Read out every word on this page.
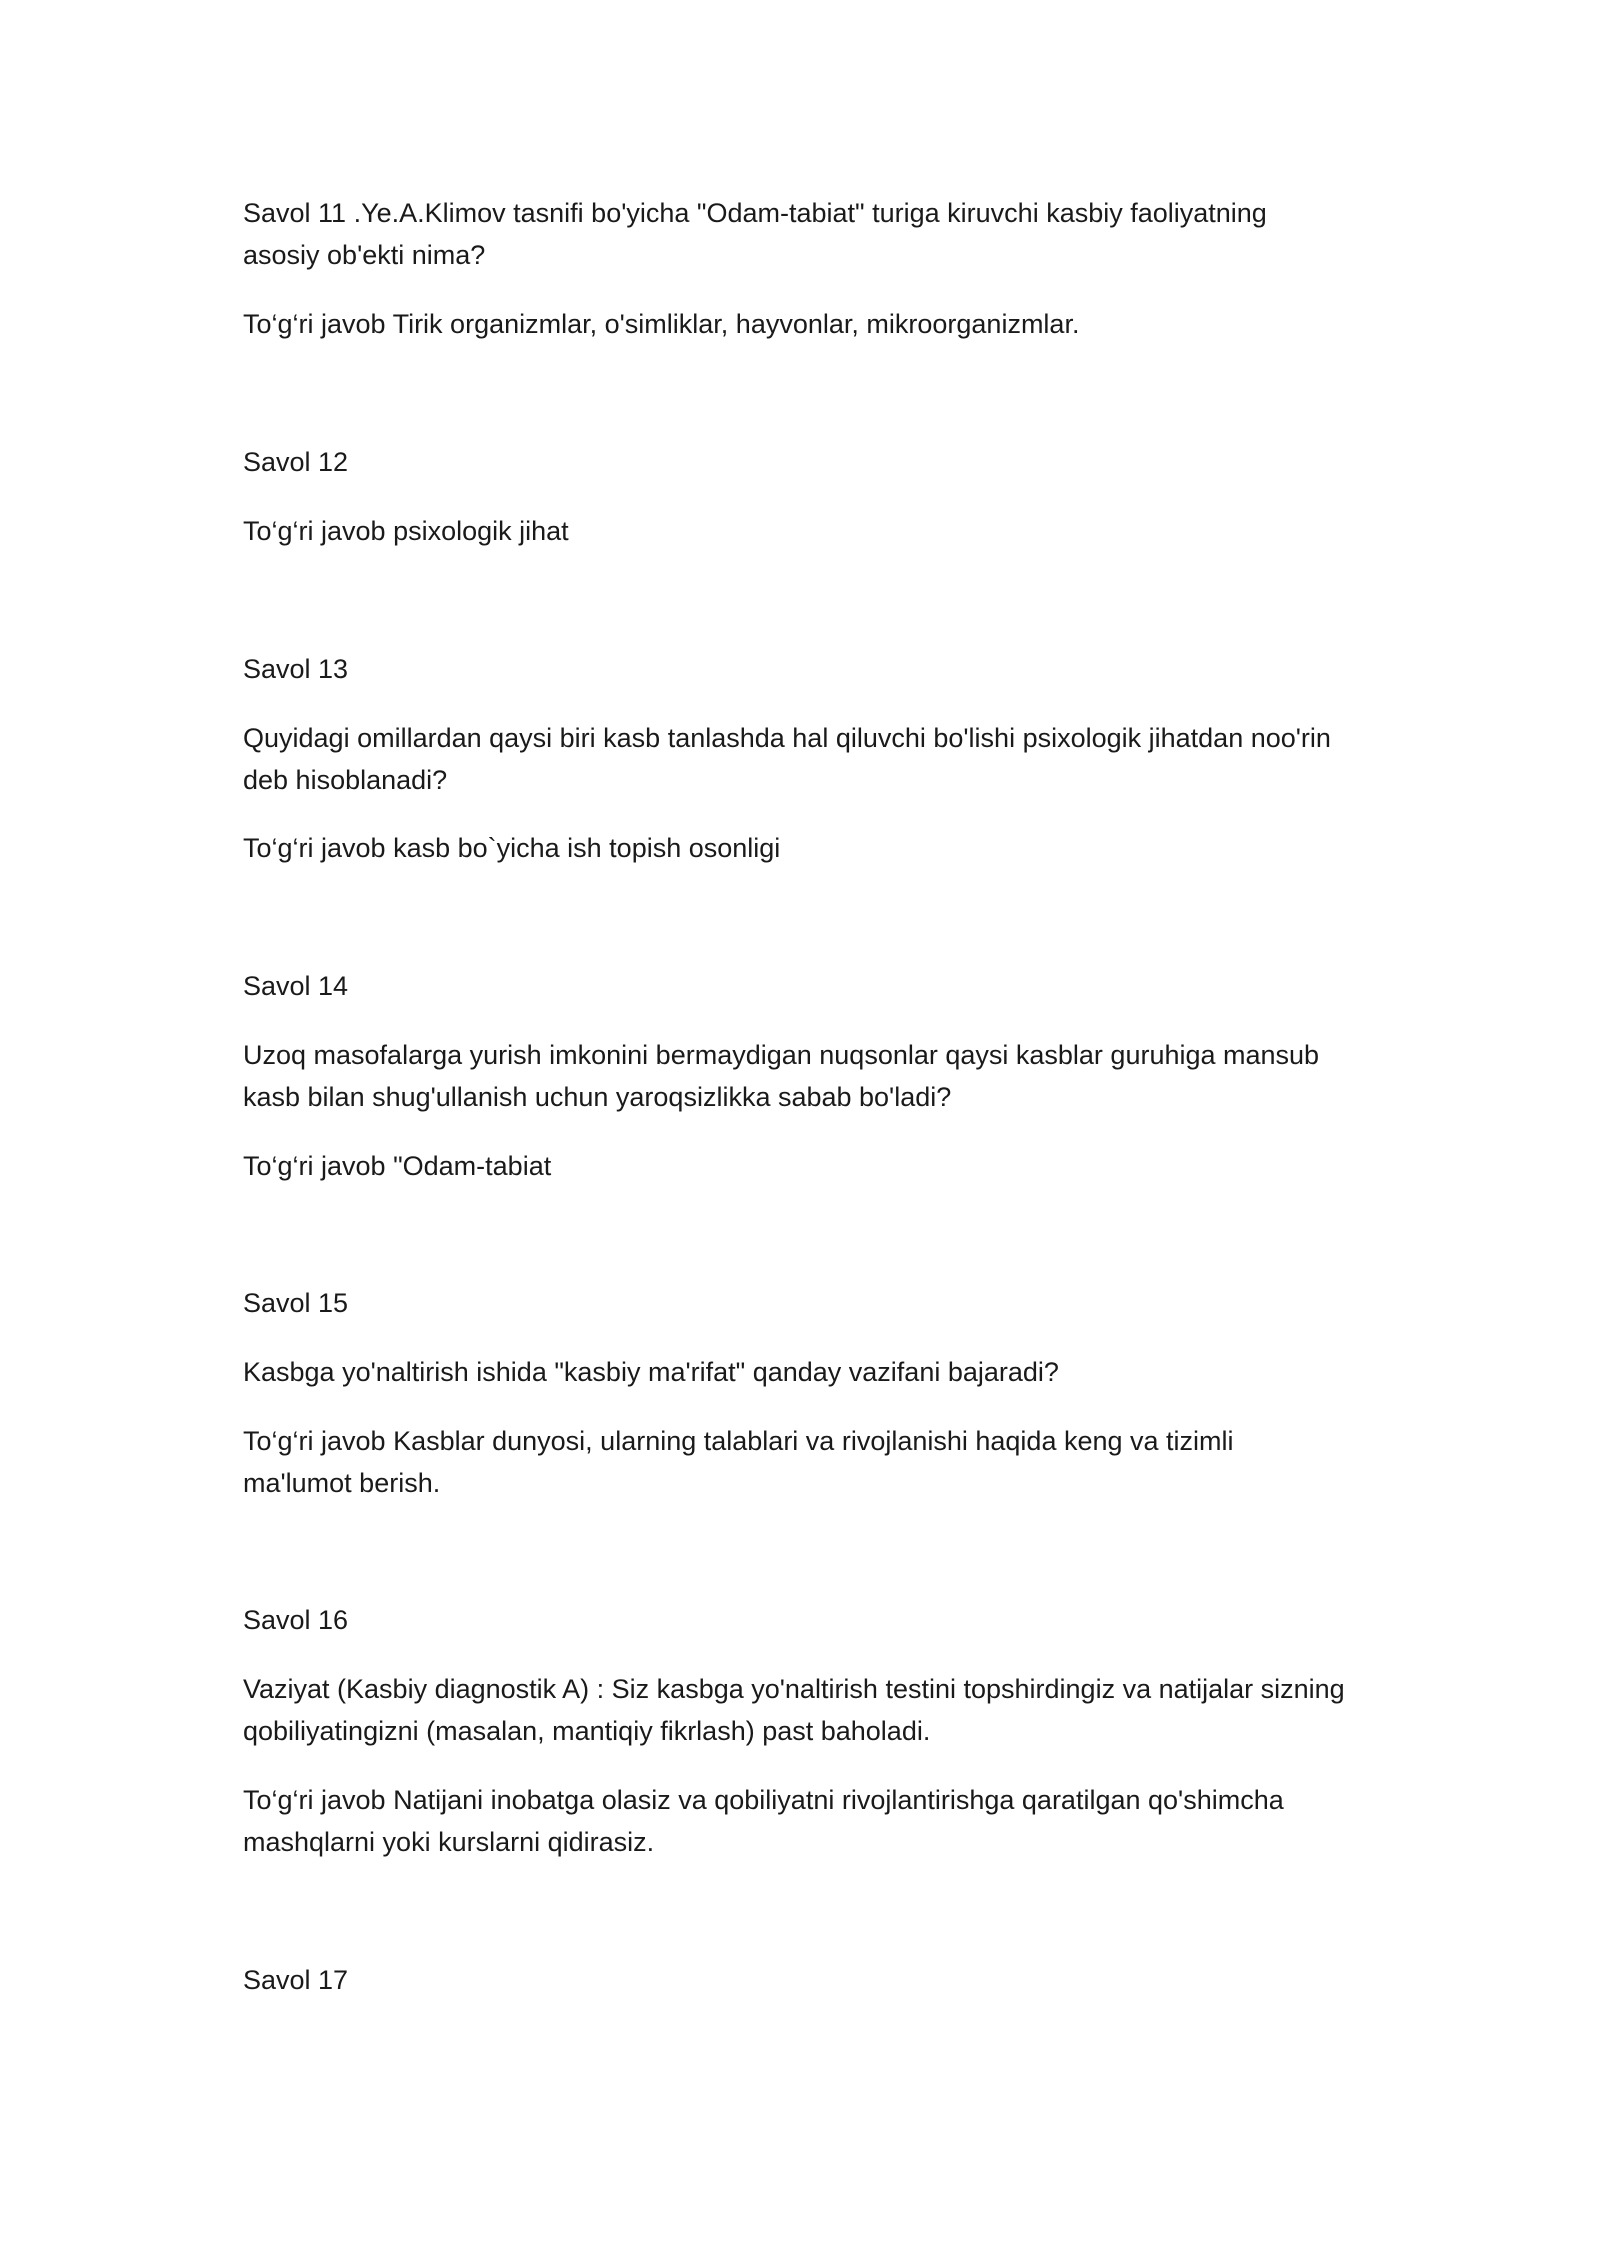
Savol 11 .Ye.A.Klimov tasnifi bo'yicha "Odam-tabiat" turiga kiruvchi kasbiy faoliyatning
asosiy ob'ekti nima?
To‘g‘ri javob Tirik organizmlar, o'simliklar, hayvonlar, mikroorganizmlar.
Savol 12
To‘g‘ri javob psixologik jihat
Savol 13
Quyidagi omillardan qaysi biri kasb tanlashda hal qiluvchi bo'lishi psixologik jihatdan noo'rin
deb hisoblanadi?
To‘g‘ri javob kasb bo`yicha ish topish osonligi
Savol 14
Uzoq masofalarga yurish imkonini bermaydigan nuqsonlar qaysi kasblar guruhiga mansub
kasb bilan shug'ullanish uchun yaroqsizlikka sabab bo'ladi?
To‘g‘ri javob "Odam-tabiat
Savol 15
Kasbga yo'naltirish ishida "kasbiy ma'rifat" qanday vazifani bajaradi?
To‘g‘ri javob Kasblar dunyosi, ularning talablari va rivojlanishi haqida keng va tizimli
ma'lumot berish.
Savol 16
Vaziyat (Kasbiy diagnostik A) : Siz kasbga yo'naltirish testini topshirdingiz va natijalar sizning
qobiliyatingizni (masalan, mantiqiy fikrlash) past baholadi.
To‘g‘ri javob Natijani inobatga olasiz va qobiliyatni rivojlantirishga qaratilgan qo'shimcha
mashqlarni yoki kurslarni qidirasiz.
Savol 17
